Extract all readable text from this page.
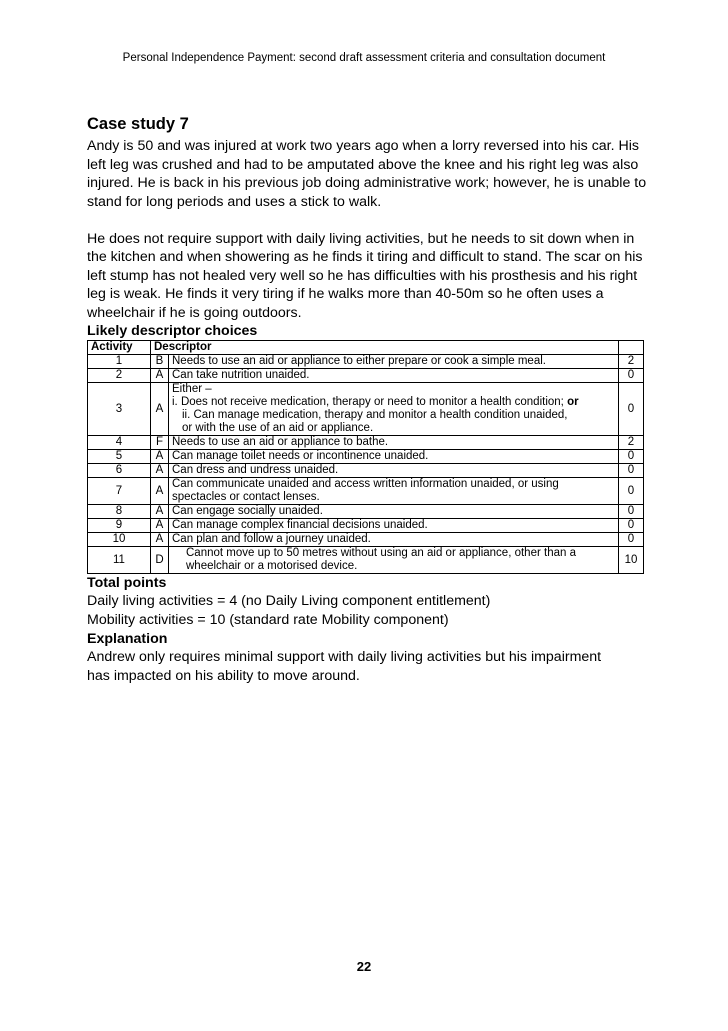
Personal Independence Payment: second draft assessment criteria and consultation document
Case study 7

Andy is 50 and was injured at work two years ago when a lorry reversed into his car. His left leg was crushed and had to be amputated above the knee and his right leg was also injured. He is back in his previous job doing administrative work; however, he is unable to stand for long periods and uses a stick to walk.

He does not require support with daily living activities, but he needs to sit down when in the kitchen and when showering as he finds it tiring and difficult to stand. The scar on his left stump has not healed very well so he has difficulties with his prosthesis and his right leg is weak. He finds it very tiring if he walks more than 40-50m so he often uses a wheelchair if he is going outdoors.

Likely descriptor choices
Activity	Descriptor		
1	B	Needs to use an aid or appliance to either prepare or cook a simple meal.	2
2	A	Can take nutrition unaided.	0
3	A	Either –
i. Does not receive medication, therapy or need to monitor a health condition; or
ii. Can manage medication, therapy and monitor a health condition unaided,
or with the use of an aid or appliance.	0
4	F	Needs to use an aid or appliance to bathe.	2
5	A	Can manage toilet needs or incontinence unaided.	0
6	A	Can dress and undress unaided.	0
7	A	Can communicate unaided and access written information unaided, or using
spectacles or contact lenses.	0
8	A	Can engage socially unaided.	0
9	A	Can manage complex financial decisions unaided.	0
10	A	Can plan and follow a journey unaided.	0
11	D	Cannot move up to 50 metres without using an aid or appliance, other than a
wheelchair or a motorised device.	10
Total points
Daily living activities = 4 (no Daily Living component entitlement)
Mobility activities = 10 (standard rate Mobility component)
Explanation
Andrew only requires minimal support with daily living activities but his impairment
has impacted on his ability to move around.
22
